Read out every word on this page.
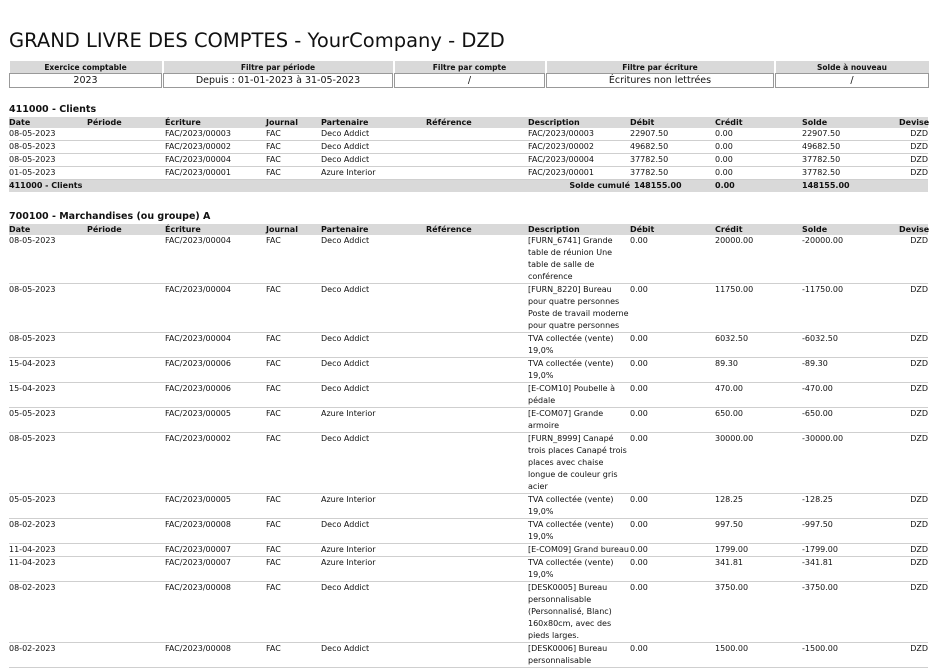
GRAND LIVRE DES COMPTES - YourCompany - DZD
Exercice comptable		Filtre par période		Filtre par compte		Filtre par écriture		Solde à nouveau
2023		Depuis : 01-01-2023 à 31-05-2023		/		Écritures non lettrées		/
411000 - Clients
Date	Période	Écriture	Journal	Partenaire	Référence	Description	Débit	Crédit	Solde	Devise
08-05-2023		FAC/2023/00003	FAC	Deco Addict		FAC/2023/00003	22907.50	0.00	22907.50	DZD
08-05-2023		FAC/2023/00002	FAC	Deco Addict		FAC/2023/00002	49682.50	0.00	49682.50	DZD
08-05-2023		FAC/2023/00004	FAC	Deco Addict		FAC/2023/00004	37782.50	0.00	37782.50	DZD
01-05-2023		FAC/2023/00001	FAC	Azure Interior		FAC/2023/00001	37782.50	0.00	37782.50	DZD
411000 - Clients						Solde cumulé	148155.00	0.00	148155.00	
700100 - Marchandises (ou groupe) A
Date	Période	Écriture	Journal	Partenaire	Référence	Description	Débit	Crédit	Solde	Devise
08-05-2023		FAC/2023/00004	FAC	Deco Addict		[FURN_6741] Grande table de réunion Une table de salle de conférence	0.00	20000.00	-20000.00	DZD
08-05-2023		FAC/2023/00004	FAC	Deco Addict		[FURN_8220] Bureau pour quatre personnes Poste de travail moderne pour quatre personnes	0.00	11750.00	-11750.00	DZD
08-05-2023		FAC/2023/00004	FAC	Deco Addict		TVA collectée (vente) 19,0%	0.00	6032.50	-6032.50	DZD
15-04-2023		FAC/2023/00006	FAC	Deco Addict		TVA collectée (vente) 19,0%	0.00	89.30	-89.30	DZD
15-04-2023		FAC/2023/00006	FAC	Deco Addict		[E-COM10] Poubelle à pédale	0.00	470.00	-470.00	DZD
05-05-2023		FAC/2023/00005	FAC	Azure Interior		[E-COM07] Grande armoire	0.00	650.00	-650.00	DZD
08-05-2023		FAC/2023/00002	FAC	Deco Addict		[FURN_8999] Canapé trois places Canapé trois places avec chaise longue de couleur gris acier	0.00	30000.00	-30000.00	DZD
05-05-2023		FAC/2023/00005	FAC	Azure Interior		TVA collectée (vente) 19,0%	0.00	128.25	-128.25	DZD
08-02-2023		FAC/2023/00008	FAC	Deco Addict		TVA collectée (vente) 19,0%	0.00	997.50	-997.50	DZD
11-04-2023		FAC/2023/00007	FAC	Azure Interior		[E-COM09] Grand bureau	0.00	1799.00	-1799.00	DZD
11-04-2023		FAC/2023/00007	FAC	Azure Interior		TVA collectée (vente) 19,0%	0.00	341.81	-341.81	DZD
08-02-2023		FAC/2023/00008	FAC	Deco Addict		[DESK0005] Bureau personnalisable (Personnalisé, Blanc) 160x80cm, avec des pieds larges.	0.00	3750.00	-3750.00	DZD
08-02-2023		FAC/2023/00008	FAC	Deco Addict		[DESK0006] Bureau personnalisable	0.00	1500.00	-1500.00	DZD
